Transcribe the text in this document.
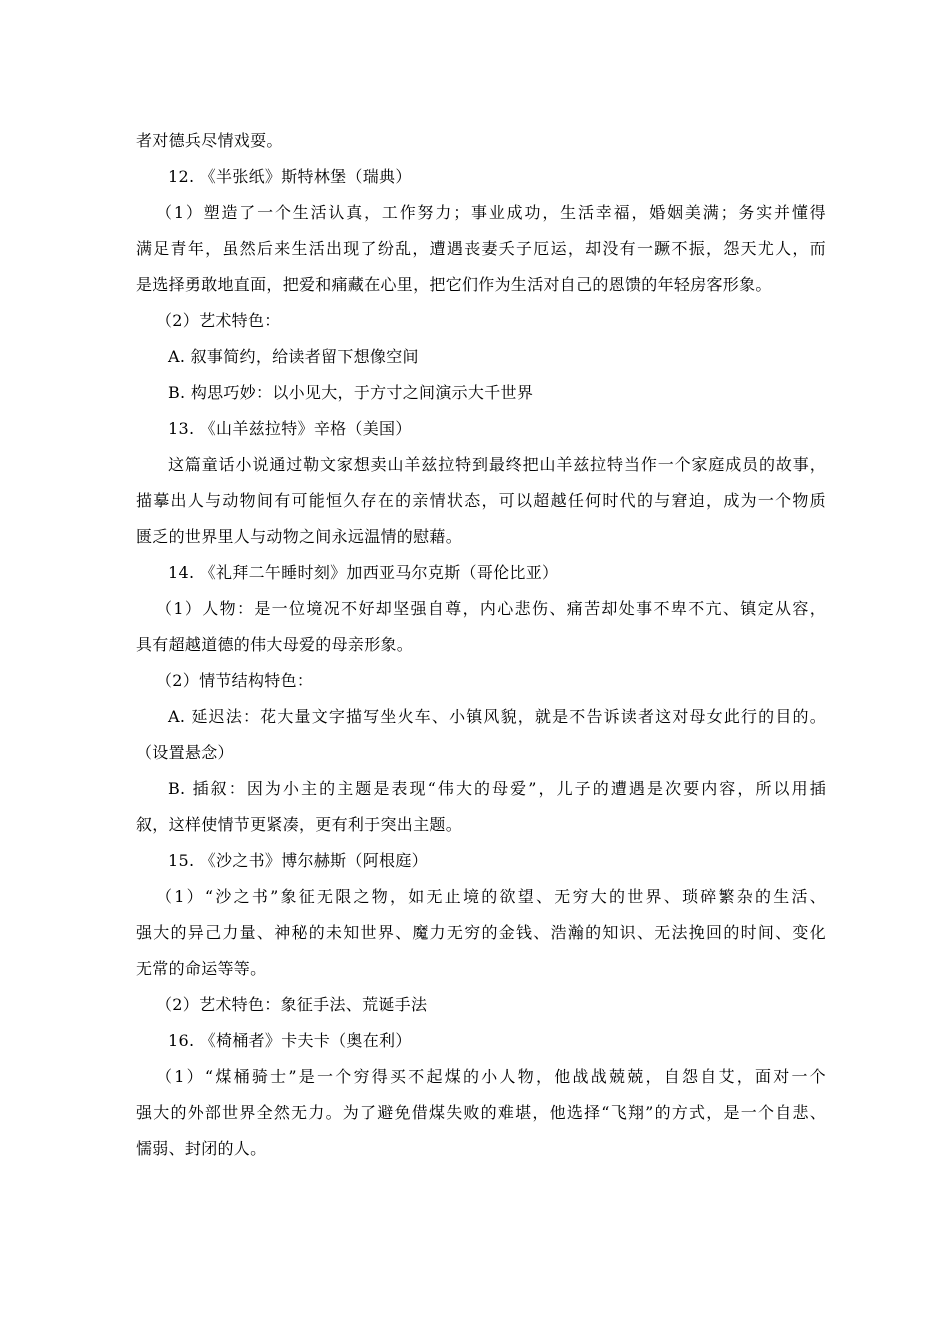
者对德兵尽情戏耍。
12. 《半张纸》斯特林堡（瑞典）
（1）塑造了一个生活认真，工作努力；事业成功，生活幸福，婚姻美满；务实并懂得
满足青年，虽然后来生活出现了纷乱，遭遇丧妻夭子厄运，却没有一蹶不振，怨天尤人，而
是选择勇敢地直面，把爱和痛藏在心里，把它们作为生活对自己的恩馈的年轻房客形象。
（2）艺术特色：
A. 叙事简约，给读者留下想像空间
B. 构思巧妙：以小见大，于方寸之间演示大千世界
13. 《山羊兹拉特》辛格（美国）
这篇童话小说通过勒文家想卖山羊兹拉特到最终把山羊兹拉特当作一个家庭成员的故事，
描摹出人与动物间有可能恒久存在的亲情状态，可以超越任何时代的与窘迫，成为一个物质
匮乏的世界里人与动物之间永远温情的慰藉。
14. 《礼拜二午睡时刻》加西亚马尔克斯（哥伦比亚）
（1）人物：是一位境况不好却坚强自尊，内心悲伤、痛苦却处事不卑不亢、镇定从容，
具有超越道德的伟大母爱的母亲形象。
（2）情节结构特色：
A. 延迟法：花大量文字描写坐火车、小镇风貌，就是不告诉读者这对母女此行的目的。
（设置悬念）
B. 插叙：因为小主的主题是表现“伟大的母爱”，儿子的遭遇是次要内容，所以用插
叙，这样使情节更紧凑，更有利于突出主题。
15. 《沙之书》博尔赫斯（阿根庭）
（1）“沙之书”象征无限之物，如无止境的欲望、无穷大的世界、琐碎繁杂的生活、
强大的异己力量、神秘的未知世界、魔力无穷的金钱、浩瀚的知识、无法挽回的时间、变化
无常的命运等等。
（2）艺术特色：象征手法、荒诞手法
16. 《椅桶者》卡夫卡（奥在利）
（1）“煤桶骑士”是一个穷得买不起煤的小人物，他战战兢兢，自怨自艾，面对一个
强大的外部世界全然无力。为了避免借煤失败的难堪，他选择“飞翔”的方式，是一个自悲、
懦弱、封闭的人。
